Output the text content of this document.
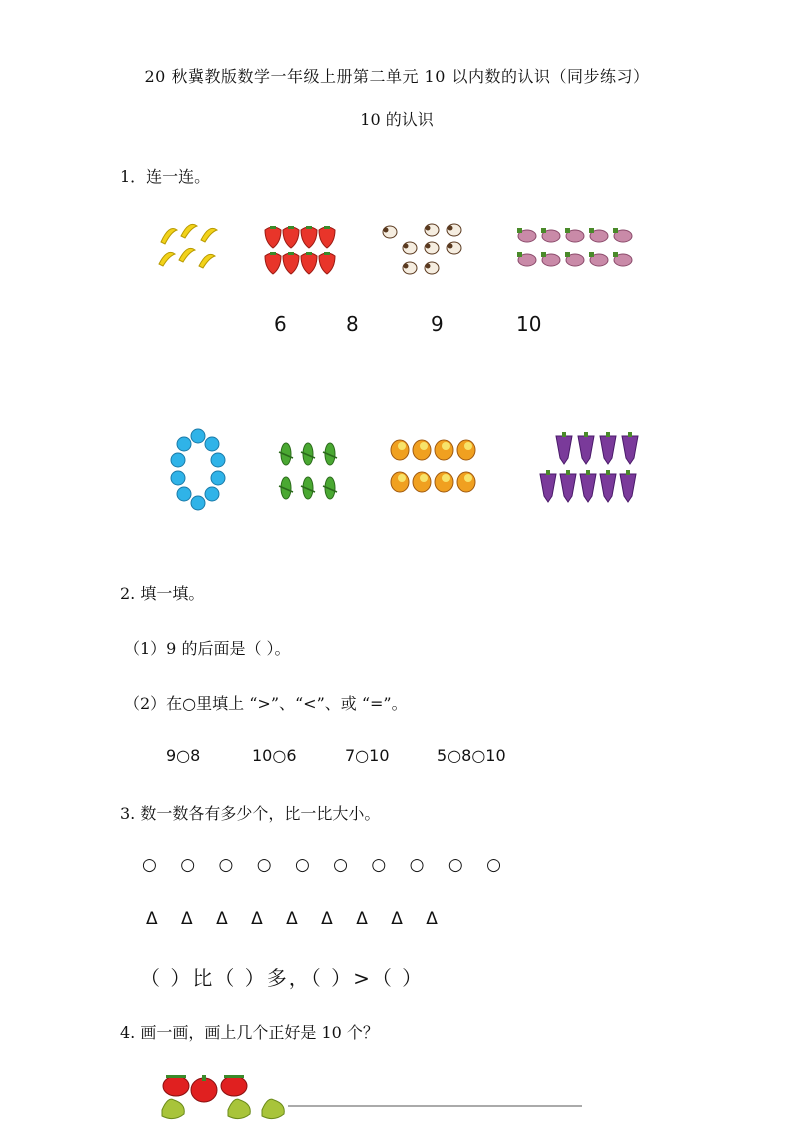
20 秋冀教版数学一年级上册第二单元 10 以内数的认识（同步练习）
10 的认识
1．连一连。
6	8	9	10
2. 填一填。
（1）9 的后面是（ ）。
（2）在○里填上 “>”、“<”、或 “=”。
9○8	10○6	7○10	5○8○10
3. 数一数各有多少个，比一比大小。
○ ○ ○ ○ ○ ○ ○ ○ ○ ○
Δ Δ Δ Δ Δ Δ Δ Δ Δ
（ ）比（ ）多，（ ）>（ ）
4. 画一画，画上几个正好是 10 个？
